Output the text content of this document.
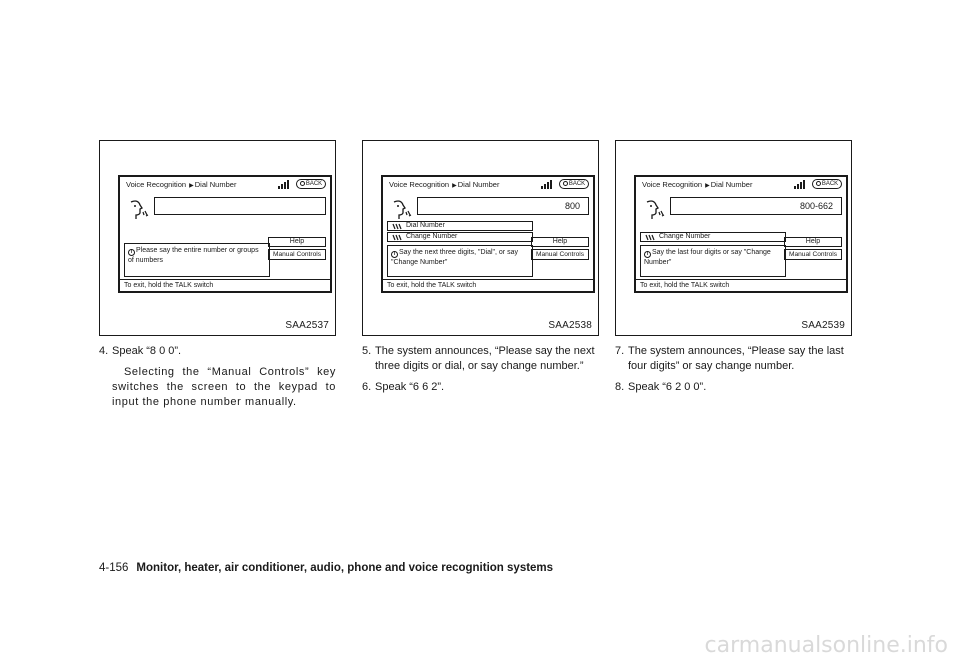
Voice Recognition ▶Dial Number	BACK
Help
Manual Controls
i Please say the entire number or groups of numbers
To exit, hold the TALK switch
SAA2537
4. Speak “8 0 0”.

Selecting the “Manual Controls” key switches the screen to the keypad to input the phone number manually.

Voice Recognition ▶Dial Number	BACK
800
Dial Number
Change Number
Help
Manual Controls
i Say the next three digits, "Dial", or say "Change Number"
To exit, hold the TALK switch
SAA2538
5. The system announces, “Please say the next three digits or dial, or say change number.”
6. Speak “6 6 2”.
Voice Recognition ▶Dial Number	BACK
800-662
Change Number
Help
Manual Controls
i Say the last four digits or say "Change Number"
To exit, hold the TALK switch
SAA2539
7. The system announces, “Please say the last four digits” or say change number.
8. Speak “6 2 0 0”.
4-156 Monitor, heater, air conditioner, audio, phone and voice recognition systems
carmanualsonline.info
